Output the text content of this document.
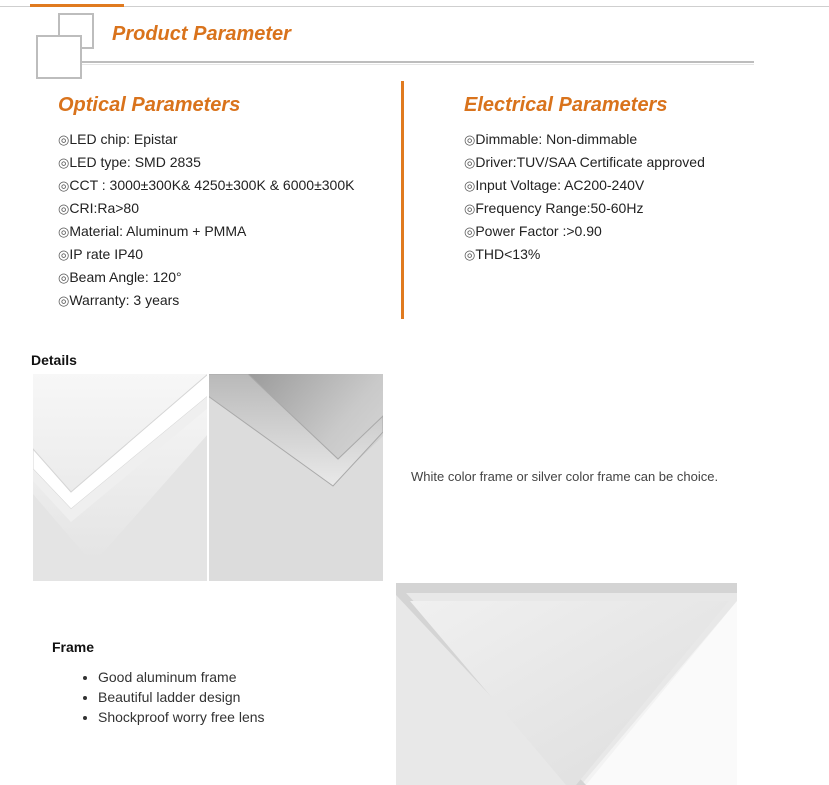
Product Parameter
Optical Parameters
◎LED chip: Epistar
◎LED type: SMD 2835
◎CCT : 3000±300K& 4250±300K & 6000±300K
◎CRI:Ra>80
◎Material: Aluminum + PMMA
◎IP rate IP40
◎Beam Angle: 120°
◎Warranty: 3 years
Electrical Parameters
◎Dimmable: Non-dimmable
◎Driver:TUV/SAA Certificate approved
◎Input Voltage: AC200-240V
◎Frequency Range:50-60Hz
◎Power Factor :>0.90
◎THD<13%
Details
White color frame or silver color frame can be choice.
Frame
• Good aluminum frame
• Beautiful ladder design
• Shockproof worry free lens
